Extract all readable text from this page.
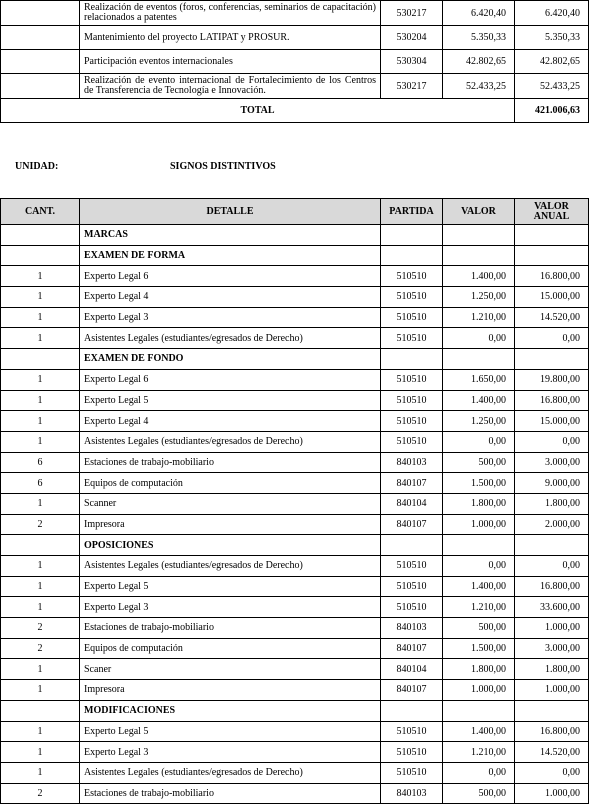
	Realización de eventos (foros, conferencias, seminarios de capacitación) relacionados a patentes	530217	6.420,40	6.420,40
	Mantenimiento del proyecto LATIPAT y PROSUR.	530204	5.350,33	5.350,33
	Participación eventos internacionales	530304	42.802,65	42.802,65
	Realización de evento internacional de Fortalecimiento de los Centros de Transferencia de Tecnología e Innovación.	530217	52.433,25	52.433,25
TOTAL				421.006,63
UNIDAD:	SIGNOS DISTINTIVOS
CANT.	DETALLE	PARTIDA	VALOR	VALOR ANUAL
	MARCAS			
	EXAMEN DE FORMA			
1	Experto Legal 6	510510	1.400,00	16.800,00
1	Experto Legal 4	510510	1.250,00	15.000,00
1	Experto Legal 3	510510	1.210,00	14.520,00
1	Asistentes Legales (estudiantes/egresados de Derecho)	510510	0,00	0,00
	EXAMEN DE FONDO			
1	Experto Legal 6	510510	1.650,00	19.800,00
1	Experto Legal 5	510510	1.400,00	16.800,00
1	Experto Legal 4	510510	1.250,00	15.000,00
1	Asistentes Legales (estudiantes/egresados de Derecho)	510510	0,00	0,00
6	Estaciones de trabajo-mobiliario	840103	500,00	3.000,00
6	Equipos de computación	840107	1.500,00	9.000,00
1	Scanner	840104	1.800,00	1.800,00
2	Impresora	840107	1.000,00	2.000,00
	OPOSICIONES			
1	Asistentes Legales (estudiantes/egresados de Derecho)	510510	0,00	0,00
1	Experto Legal 5	510510	1.400,00	16.800,00
1	Experto Legal 3	510510	1.210,00	33.600,00
2	Estaciones de trabajo-mobiliario	840103	500,00	1.000,00
2	Equipos de computación	840107	1.500,00	3.000,00
1	Scaner	840104	1.800,00	1.800,00
1	Impresora	840107	1.000,00	1.000,00
	MODIFICACIONES			
1	Experto Legal 5	510510	1.400,00	16.800,00
1	Experto Legal 3	510510	1.210,00	14.520,00
1	Asistentes Legales (estudiantes/egresados de Derecho)	510510	0,00	0,00
2	Estaciones de trabajo-mobiliario	840103	500,00	1.000,00
